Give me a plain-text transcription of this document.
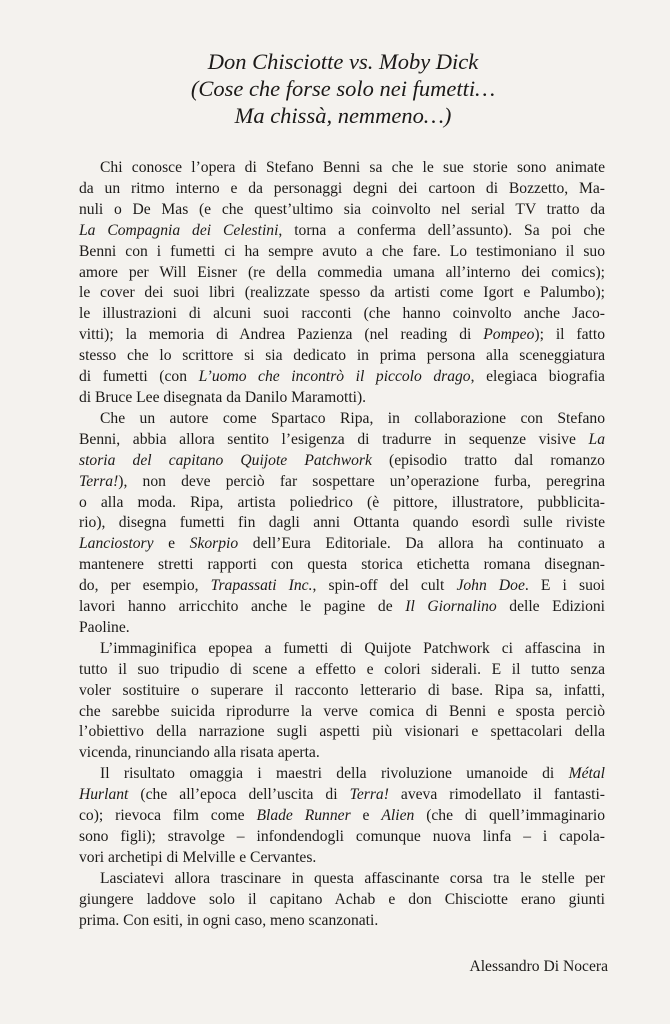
Don Chisciotte vs. Moby Dick
(Cose che forse solo nei fumetti…
Ma chissà, nemmeno…)
Chi conosce l’opera di Stefano Benni sa che le sue storie sono animate
da un ritmo interno e da personaggi degni dei cartoon di Bozzetto, Ma-
nuli o De Mas (e che quest’ultimo sia coinvolto nel serial TV tratto da
La Compagnia dei Celestini, torna a conferma dell’assunto). Sa poi che
Benni con i fumetti ci ha sempre avuto a che fare. Lo testimoniano il suo
amore per Will Eisner (re della commedia umana all’interno dei comics);
le cover dei suoi libri (realizzate spesso da artisti come Igort e Palumbo);
le illustrazioni di alcuni suoi racconti (che hanno coinvolto anche Jaco-
vitti); la memoria di Andrea Pazienza (nel reading di Pompeo); il fatto
stesso che lo scrittore si sia dedicato in prima persona alla sceneggiatura
di fumetti (con L’uomo che incontrò il piccolo drago, elegiaca biografia
di Bruce Lee disegnata da Danilo Maramotti).
Che un autore come Spartaco Ripa, in collaborazione con Stefano
Benni, abbia allora sentito l’esigenza di tradurre in sequenze visive La
storia del capitano Quijote Patchwork (episodio tratto dal romanzo
Terra!), non deve perciò far sospettare un’operazione furba, peregrina
o alla moda. Ripa, artista poliedrico (è pittore, illustratore, pubblicita-
rio), disegna fumetti fin dagli anni Ottanta quando esordì sulle riviste
Lanciostory e Skorpio dell’Eura Editoriale. Da allora ha continuato a
mantenere stretti rapporti con questa storica etichetta romana disegnan-
do, per esempio, Trapassati Inc., spin-off del cult John Doe. E i suoi
lavori hanno arricchito anche le pagine de Il Giornalino delle Edizioni
Paoline.
L’immaginifica epopea a fumetti di Quijote Patchwork ci affascina in
tutto il suo tripudio di scene a effetto e colori siderali. E il tutto senza
voler sostituire o superare il racconto letterario di base. Ripa sa, infatti,
che sarebbe suicida riprodurre la verve comica di Benni e sposta perciò
l’obiettivo della narrazione sugli aspetti più visionari e spettacolari della
vicenda, rinunciando alla risata aperta.
Il risultato omaggia i maestri della rivoluzione umanoide di Métal
Hurlant (che all’epoca dell’uscita di Terra! aveva rimodellato il fantasti-
co); rievoca film come Blade Runner e Alien (che di quell’immaginario
sono figli); stravolge – infondendogli comunque nuova linfa – i capola-
vori archetipi di Melville e Cervantes.
Lasciatevi allora trascinare in questa affascinante corsa tra le stelle per
giungere laddove solo il capitano Achab e don Chisciotte erano giunti
prima. Con esiti, in ogni caso, meno scanzonati.
Alessandro Di Nocera
